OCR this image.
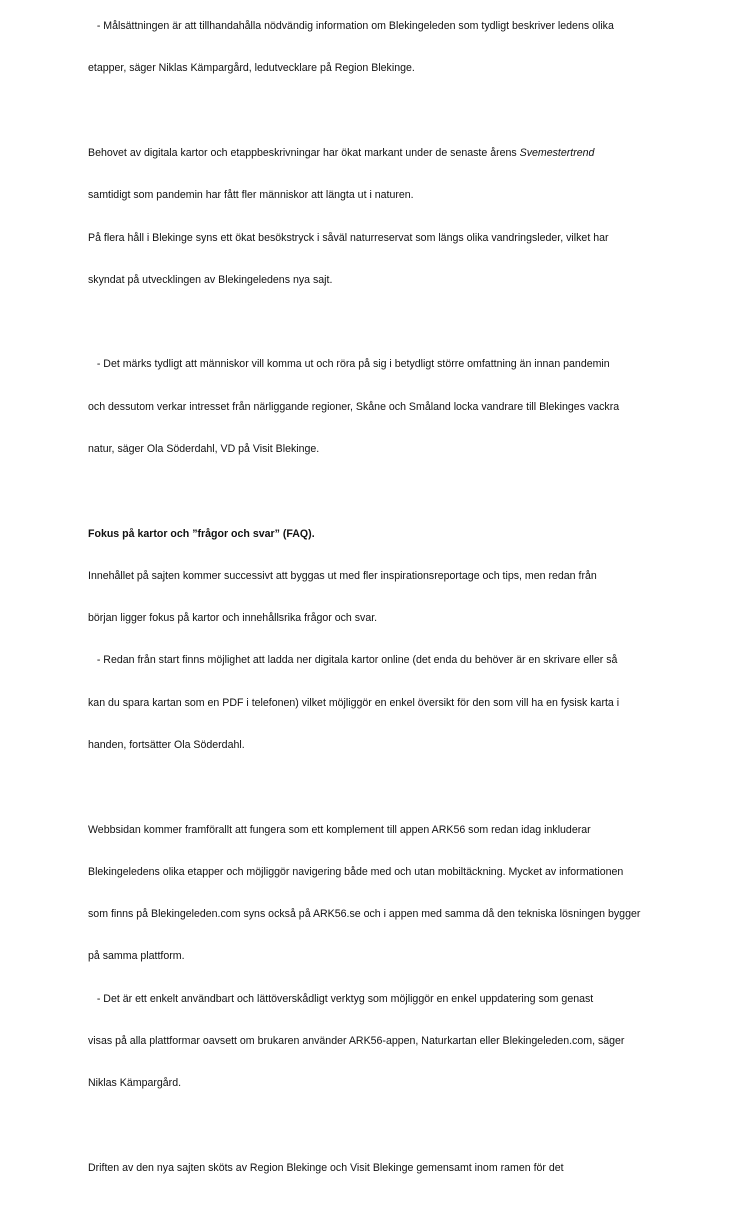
- Målsättningen är att tillhandahålla nödvändig information om Blekingeleden som tydligt beskriver ledens olika

etapper, säger Niklas Kämpargård, ledutvecklare på Region Blekinge.

Behovet av digitala kartor och etappbeskrivningar har ökat markant under de senaste årens Svemestertrend

samtidigt som pandemin har fått fler människor att längta ut i naturen.

På flera håll i Blekinge syns ett ökat besökstryck i såväl naturreservat som längs olika vandringsleder, vilket har

skyndat på utvecklingen av Blekingeledens nya sajt.

- Det märks tydligt att människor vill komma ut och röra på sig i betydligt större omfattning än innan pandemin

och dessutom verkar intresset från närliggande regioner, Skåne och Småland locka vandrare till Blekinges vackra

natur, säger Ola Söderdahl, VD på Visit Blekinge.

Fokus på kartor och ”frågor och svar” (FAQ).

Innehållet på sajten kommer successivt att byggas ut med fler inspirationsreportage och tips, men redan från

början ligger fokus på kartor och innehållsrika frågor och svar.

- Redan från start finns möjlighet att ladda ner digitala kartor online (det enda du behöver är en skrivare eller så

kan du spara kartan som en PDF i telefonen) vilket möjliggör en enkel översikt för den som vill ha en fysisk karta i

handen, fortsätter Ola Söderdahl.

Webbsidan kommer framförallt att fungera som ett komplement till appen ARK56 som redan idag inkluderar

Blekingeledens olika etapper och möjliggör navigering både med och utan mobiltäckning. Mycket av informationen

som finns på Blekingeleden.com syns också på ARK56.se och i appen med samma då den tekniska lösningen bygger

på samma plattform.

- Det är ett enkelt användbart och lättöverskådligt verktyg som möjliggör en enkel uppdatering som genast

visas på alla plattformar oavsett om brukaren använder ARK56-appen, Naturkartan eller Blekingeleden.com, säger

Niklas Kämpargård.

Driften av den nya sajten sköts av Region Blekinge och Visit Blekinge gemensamt inom ramen för det
